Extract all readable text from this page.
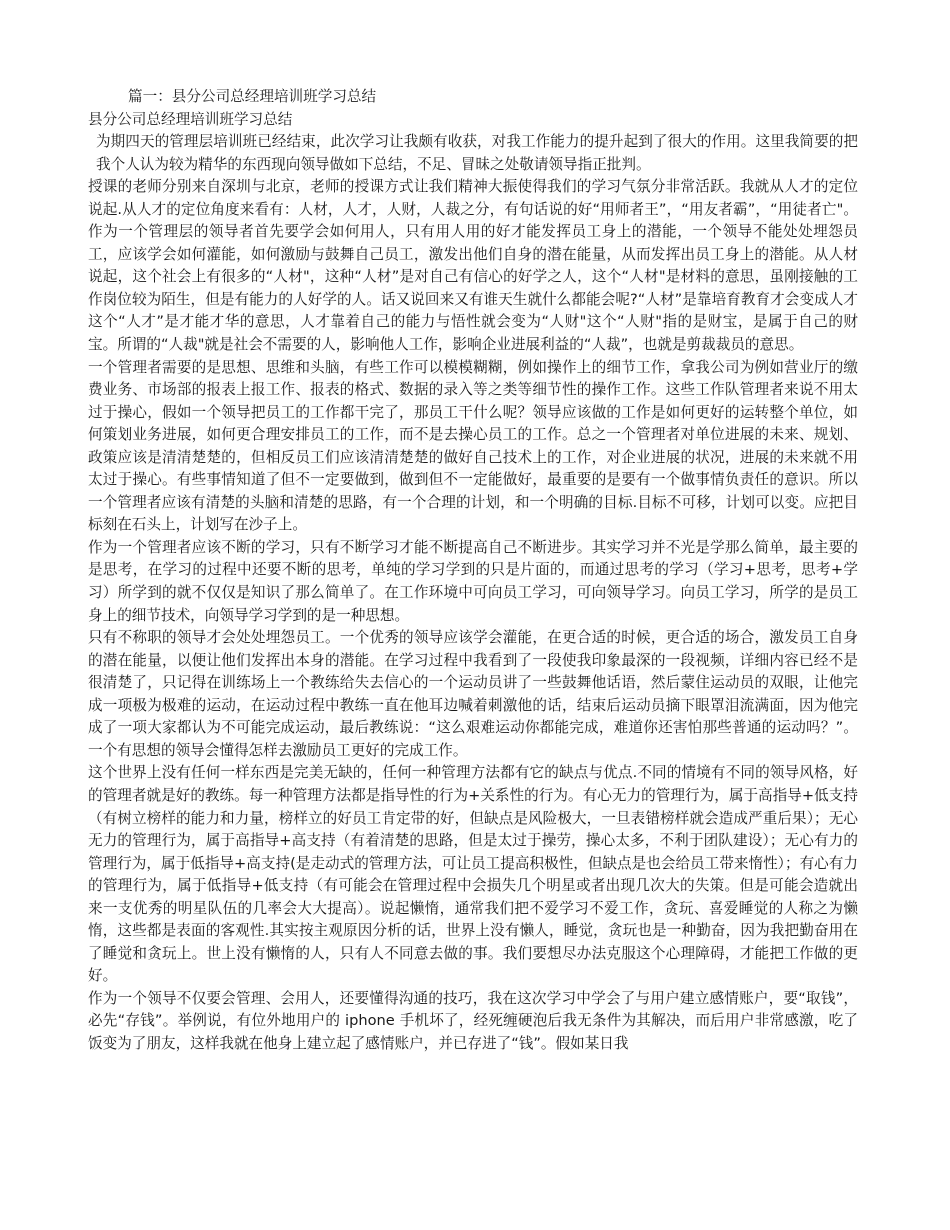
篇一：县分公司总经理培训班学习总结
县分公司总经理培训班学习总结

为期四天的管理层培训班已经结束，此次学习让我颇有收获，对我工作能力的提升起到了很大的作用。这里我简要的把我个人认为较为精华的东西现向领导做如下总结，不足、冒昧之处敬请领导指正批判。

授课的老师分别来自深圳与北京，老师的授课方式让我们精神大振使得我们的学习气氛分非常活跃。我就从人才的定位说起.从人才的定位角度来看有：人材，人才，人财，人裁之分，有句话说的好“用师者王”，“用友者霸”，“用徒者亡"。作为一个管理层的领导者首先要学会如何用人，只有用人用的好才能发挥员工身上的潜能，一个领导不能处处埋怨员工，应该学会如何灌能，如何激励与鼓舞自己员工，激发出他们自身的潜在能量，从而发挥出员工身上的潜能。从人材说起，这个社会上有很多的“人材"，这种“人材”是对自己有信心的好学之人，这个“人材"是材料的意思，虽刚接触的工作岗位较为陌生，但是有能力的人好学的人。话又说回来又有谁天生就什么都能会呢?“人材”是靠培育教育才会变成人才这个“人才”是才能才华的意思，人才靠着自己的能力与悟性就会变为“人财"这个“人财"指的是财宝，是属于自己的财宝。所谓的“人裁"就是社会不需要的人，影响他人工作，影响企业进展利益的“人裁”，也就是剪裁裁员的意思。

一个管理者需要的是思想、思维和头脑，有些工作可以模模糊糊，例如操作上的细节工作，拿我公司为例如营业厅的缴费业务、市场部的报表上报工作、报表的格式、数据的录入等之类等细节性的操作工作。这些工作队管理者来说不用太过于操心，假如一个领导把员工的工作都干完了，那员工干什么呢？领导应该做的工作是如何更好的运转整个单位，如何策划业务进展，如何更合理安排员工的工作，而不是去操心员工的工作。总之一个管理者对单位进展的未来、规划、政策应该是清清楚楚的，但相反员工们应该清清楚楚的做好自己技术上的工作，对企业进展的状况，进展的未来就不用太过于操心。有些事情知道了但不一定要做到，做到但不一定能做好，最重要的是要有一个做事情负责任的意识。所以一个管理者应该有清楚的头脑和清楚的思路，有一个合理的计划，和一个明确的目标.目标不可移，计划可以变。应把目标刻在石头上，计划写在沙子上。

作为一个管理者应该不断的学习，只有不断学习才能不断提高自己不断进步。其实学习并不光是学那么简单，最主要的是思考，在学习的过程中还要不断的思考，单纯的学习学到的只是片面的，而通过思考的学习（学习+思考，思考+学习）所学到的就不仅仅是知识了那么简单了。在工作环境中可向员工学习，可向领导学习。向员工学习，所学的是员工身上的细节技术，向领导学习学到的是一种思想。

只有不称职的领导才会处处埋怨员工。一个优秀的领导应该学会灌能，在更合适的时候，更合适的场合，激发员工自身的潜在能量，以便让他们发挥出本身的潜能。在学习过程中我看到了一段使我印象最深的一段视频，详细内容已经不是很清楚了，只记得在训练场上一个教练给失去信心的一个运动员讲了一些鼓舞他话语，然后蒙住运动员的双眼，让他完成一项极为极难的运动，在运动过程中教练一直在他耳边喊着刺激他的话，结束后运动员摘下眼罩泪流满面，因为他完成了一项大家都认为不可能完成运动，最后教练说：“这么艰难运动你都能完成，难道你还害怕那些普通的运动吗？”。一个有思想的领导会懂得怎样去激励员工更好的完成工作。

这个世界上没有任何一样东西是完美无缺的，任何一种管理方法都有它的缺点与优点.不同的情境有不同的领导风格，好的管理者就是好的教练。每一种管理方法都是指导性的行为+关系性的行为。有心无力的管理行为，属于高指导+低支持（有树立榜样的能力和力量，榜样立的好员工肯定带的好，但缺点是风险极大，一旦表错榜样就会造成严重后果）；无心无力的管理行为，属于高指导+高支持（有着清楚的思路，但是太过于操劳，操心太多，不利于团队建设）；无心有力的管理行为，属于低指导+高支持(是走动式的管理方法，可让员工提高积极性，但缺点是也会给员工带来惰性）；有心有力的管理行为，属于低指导+低支持（有可能会在管理过程中会损失几个明星或者出现几次大的失策。但是可能会造就出来一支优秀的明星队伍的几率会大大提高）。说起懒惰，通常我们把不爱学习不爱工作，贪玩、喜爱睡觉的人称之为懒惰，这些都是表面的客观性.其实按主观原因分析的话，世界上没有懒人，睡觉，贪玩也是一种勤奋，因为我把勤奋用在了睡觉和贪玩上。世上没有懒惰的人，只有人不同意去做的事。我们要想尽办法克服这个心理障碍，才能把工作做的更好。

作为一个领导不仅要会管理、会用人，还要懂得沟通的技巧，我在这次学习中学会了与用户建立感情账户，要“取钱”，必先“存钱”。举例说，有位外地用户的 iphone 手机坏了，经死缠硬泡后我无条件为其解决，而后用户非常感激，吃了饭变为了朋友，这样我就在他身上建立起了感情账户，并已存进了“钱”。假如某日我
